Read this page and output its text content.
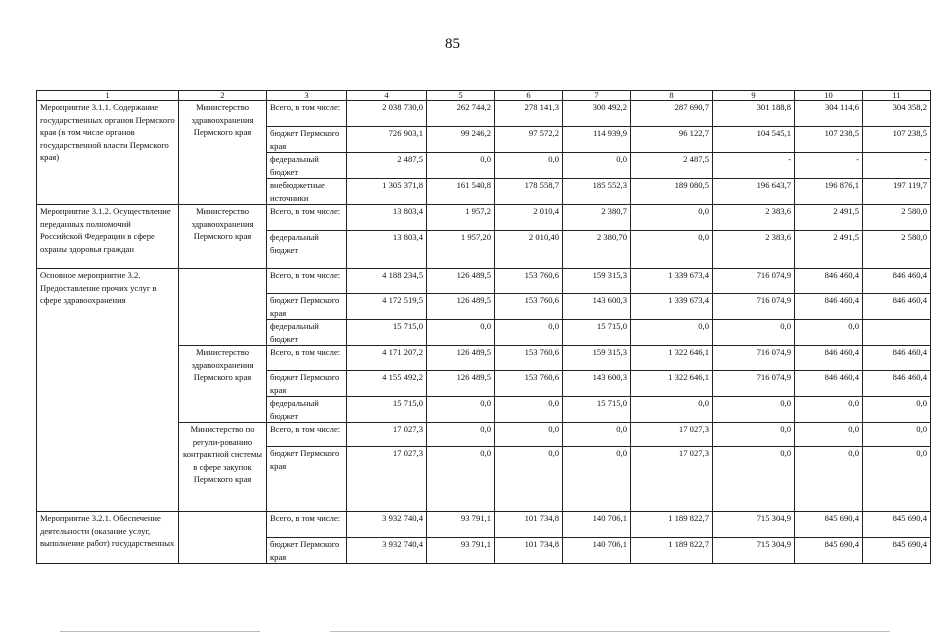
85
1	2	3	4	5	6	7	8	9	10	11
Мероприятие 3.1.1. Содержание государственных органов Пермского края (в том числе органов государственной власти Пермского края)	Министерство здравоохранения Пермского края	Всего, в том числе:	2 038 730,0	262 744,2	278 141,3	300 492,2	287 690,7	301 188,8	304 114,6	304 358,2
		бюджет Пермского края	726 903,1	99 246,2	97 572,2	114 939,9	96 122,7	104 545,1	107 238,5	107 238,5
		федеральный бюджет	2 487,5	0,0	0,0	0,0	2 487,5	-	-	-
		внебюджетные источники	1 305 371,8	161 540,8	178 558,7	185 552,3	189 080,5	196 643,7	196 876,1	197 119,7
Мероприятие 3.1.2. Осуществление переданных полномочий Российской Федерации в сфере охраны здоровья граждан	Министерство здравоохранения Пермского края	Всего, в том числе:	13 803,4	1 957,2	2 010,4	2 380,7	0,0	2 383,6	2 491,5	2 580,0
		федеральный бюджет	13 803,4	1 957,20	2 010,40	2 380,70	0,0	2 383,6	2 491,5	2 580,0
Основное мероприятие 3.2. Предоставление прочих услуг в сфере здравоохранения		Всего, в том числе:	4 188 234,5	126 489,5	153 760,6	159 315,3	1 339 673,4	716 074,9	846 460,4	846 460,4
		бюджет Пермского края	4 172 519,5	126 489,5	153 760,6	143 600,3	1 339 673,4	716 074,9	846 460,4	846 460,4
		федеральный бюджет	15 715,0	0,0	0,0	15 715,0	0,0	0,0	0,0	
	Министерство здравоохранения Пермского края	Всего, в том числе:	4 171 207,2	126 489,5	153 760,6	159 315,3	1 322 646,1	716 074,9	846 460,4	846 460,4
		бюджет Пермского края	4 155 492,2	126 489,5	153 760,6	143 600,3	1 322 646,1	716 074,9	846 460,4	846 460,4
		федеральный бюджет	15 715,0	0,0	0,0	15 715,0	0,0	0,0	0,0	0,0
	Министерство по регули-рованию контрактной системы в сфере закупок Пермского края	Всего, в том числе:	17 027,3	0,0	0,0	0,0	17 027,3	0,0	0,0	0,0
		бюджет Пермского края	17 027,3	0,0	0,0	0,0	17 027,3	0,0	0,0	0,0
Мероприятие 3.2.1. Обеспечение деятельности (оказание услуг, выполнение работ) государственных		Всего, в том числе:	3 932 740,4	93 791,1	101 734,8	140 706,1	1 189 822,7	715 304,9	845 690,4	845 690,4
		бюджет Пермского края	3 932 740,4	93 791,1	101 734,8	140 706,1	1 189 822,7	715 304,9	845 690,4	845 690,4
